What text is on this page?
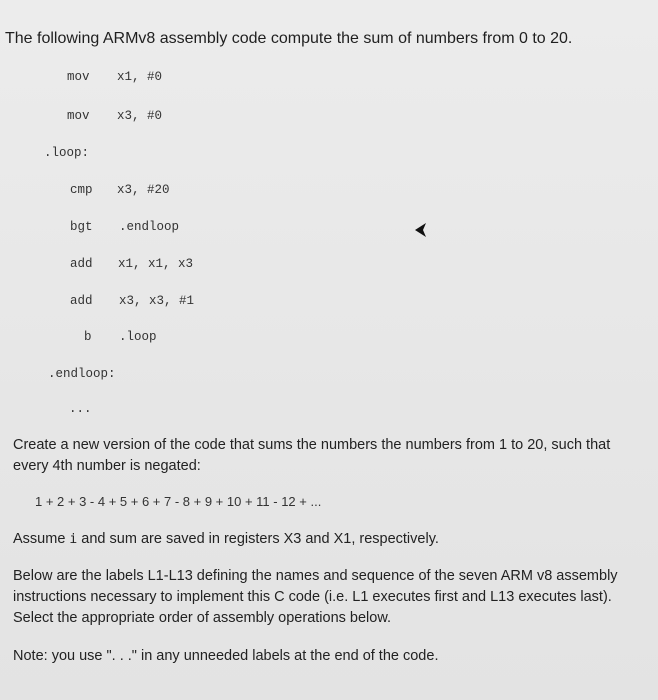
The following ARMv8 assembly code compute the sum of numbers from 0 to 20.
mov x1, #0
mov x3, #0
.loop:
cmp x3, #20
bgt .endloop
add x1, x1, x3
add x3, x3, #1
b .loop
.endloop:
...
Create a new version of the code that sums the numbers the numbers from 1 to 20, such that every 4th number is negated:
1 + 2 + 3 - 4 + 5 + 6 + 7 - 8 + 9 + 10 + 11 - 12 + ...
Assume i and sum are saved in registers X3 and X1, respectively.
Below are the labels L1-L13 defining the names and sequence of the seven ARM v8 assembly instructions necessary to implement this C code (i.e. L1 executes first and L13 executes last). Select the appropriate order of assembly operations below.
Note: you use ". . ." in any unneeded labels at the end of the code.
